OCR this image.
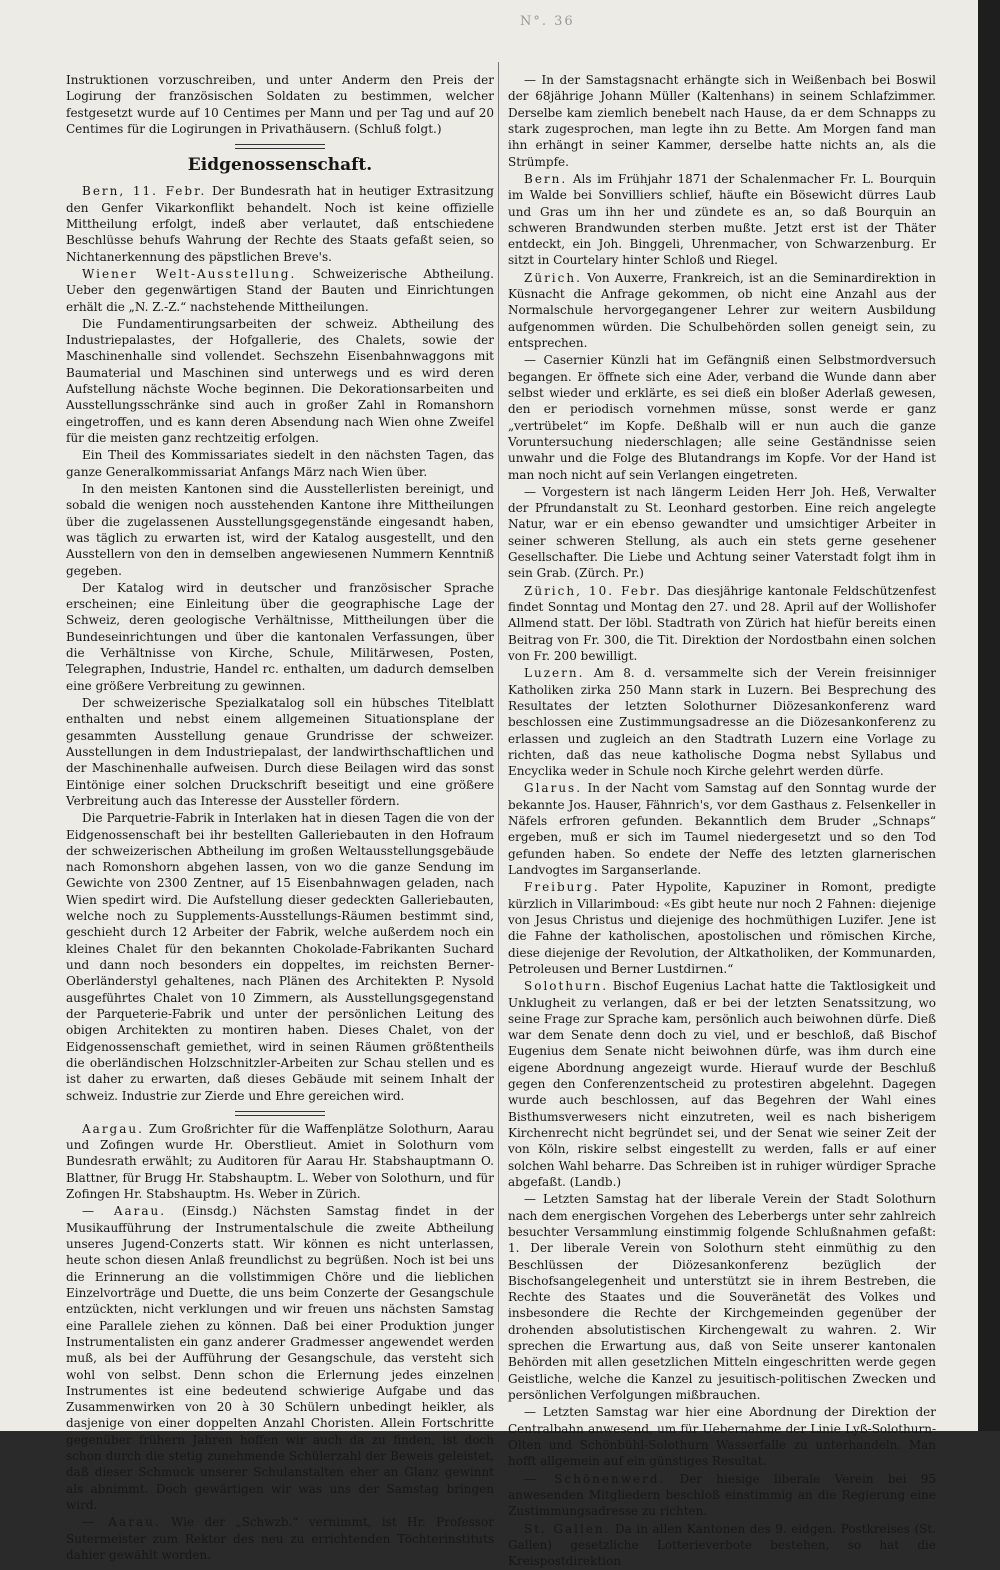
N°. 36

Instruktionen vorzuschreiben, und unter Anderm den Preis der Logirung der französischen Soldaten zu bestimmen, welcher festgesetzt wurde auf 10 Centimes per Mann und per Tag und auf 20 Centimes für die Logirungen in Privathäusern. (Schluß folgt.)

Eidgenossenschaft.

Bern, 11. Febr. Der Bundesrath hat in heutiger Extrasitzung den Genfer Vikarkonflikt behandelt. Noch ist keine offizielle Mittheilung erfolgt, indeß aber verlautet, daß entschiedene Beschlüsse behufs Wahrung der Rechte des Staats gefaßt seien, so Nichtanerkennung des päpstlichen Breve's.

Wiener Welt-Ausstellung. Schweizerische Abtheilung. Ueber den gegenwärtigen Stand der Bauten und Einrichtungen erhält die „N. Z.-Z.“ nachstehende Mittheilungen.

Die Fundamentirungsarbeiten der schweiz. Abtheilung des Industriepalastes, der Hofgallerie, des Chalets, sowie der Maschinenhalle sind vollendet. Sechszehn Eisenbahnwaggons mit Baumaterial und Maschinen sind unterwegs und es wird deren Aufstellung nächste Woche beginnen. Die Dekorationsarbeiten und Ausstellungsschränke sind auch in großer Zahl in Romanshorn eingetroffen, und es kann deren Absendung nach Wien ohne Zweifel für die meisten ganz rechtzeitig erfolgen.

Ein Theil des Kommissariates siedelt in den nächsten Tagen, das ganze Generalkommissariat Anfangs März nach Wien über.

In den meisten Kantonen sind die Ausstellerlisten bereinigt, und sobald die wenigen noch ausstehenden Kantone ihre Mittheilungen über die zugelassenen Ausstellungsgegenstände eingesandt haben, was täglich zu erwarten ist, wird der Katalog ausgestellt, und den Ausstellern von den in demselben angewiesenen Nummern Kenntniß gegeben.

Der Katalog wird in deutscher und französischer Sprache erscheinen; eine Einleitung über die geographische Lage der Schweiz, deren geologische Verhältnisse, Mittheilungen über die Bundeseinrichtungen und über die kantonalen Verfassungen, über die Verhältnisse von Kirche, Schule, Militärwesen, Posten, Telegraphen, Industrie, Handel rc. enthalten, um dadurch demselben eine größere Verbreitung zu gewinnen.

Der schweizerische Spezialkatalog soll ein hübsches Titelblatt enthalten und nebst einem allgemeinen Situationsplane der gesammten Ausstellung genaue Grundrisse der schweizer. Ausstellungen in dem Industriepalast, der landwirthschaftlichen und der Maschinenhalle aufweisen. Durch diese Beilagen wird das sonst Eintönige einer solchen Druckschrift beseitigt und eine größere Verbreitung auch das Interesse der Aussteller fördern.

Die Parquetrie-Fabrik in Interlaken hat in diesen Tagen die von der Eidgenossenschaft bei ihr bestellten Galleriebauten in den Hofraum der schweizerischen Abtheilung im großen Weltausstellungsgebäude nach Romonshorn abgehen lassen, von wo die ganze Sendung im Gewichte von 2300 Zentner, auf 15 Eisenbahnwagen geladen, nach Wien spedirt wird. Die Aufstellung dieser gedeckten Galleriebauten, welche noch zu Supplements-Ausstellungs-Räumen bestimmt sind, geschieht durch 12 Arbeiter der Fabrik, welche außerdem noch ein kleines Chalet für den bekannten Chokolade-Fabrikanten Suchard und dann noch besonders ein doppeltes, im reichsten Berner-Oberländerstyl gehaltenes, nach Plänen des Architekten P. Nysold ausgeführtes Chalet von 10 Zimmern, als Ausstellungsgegenstand der Parqueterie-Fabrik und unter der persönlichen Leitung des obigen Architekten zu montiren haben. Dieses Chalet, von der Eidgenossenschaft gemiethet, wird in seinen Räumen größtentheils die oberländischen Holzschnitzler-Arbeiten zur Schau stellen und es ist daher zu erwarten, daß dieses Gebäude mit seinem Inhalt der schweiz. Industrie zur Zierde und Ehre gereichen wird.

Aargau. Zum Großrichter für die Waffenplätze Solothurn, Aarau und Zofingen wurde Hr. Oberstlieut. Amiet in Solothurn vom Bundesrath erwählt; zu Auditoren für Aarau Hr. Stabshauptmann O. Blattner, für Brugg Hr. Stabshauptm. L. Weber von Solothurn, und für Zofingen Hr. Stabshauptm. Hs. Weber in Zürich.

— Aarau. (Einsdg.) Nächsten Samstag findet in der Musikaufführung der Instrumentalschule die zweite Abtheilung unseres Jugend-Conzerts statt. Wir können es nicht unterlassen, heute schon diesen Anlaß freundlichst zu begrüßen. Noch ist bei uns die Erinnerung an die vollstimmigen Chöre und die lieblichen Einzelvorträge und Duette, die uns beim Conzerte der Gesangschule entzückten, nicht verklungen und wir freuen uns nächsten Samstag eine Parallele ziehen zu können. Daß bei einer Produktion junger Instrumentalisten ein ganz anderer Gradmesser angewendet werden muß, als bei der Aufführung der Gesangschule, das versteht sich wohl von selbst. Denn schon die Erlernung jedes einzelnen Instrumentes ist eine bedeutend schwierige Aufgabe und das Zusammenwirken von 20 à 30 Schülern unbedingt heikler, als dasjenige von einer doppelten Anzahl Choristen. Allein Fortschritte gegenüber frühern Jahren hoffen wir auch da zu finden, ist doch schon durch die stetig zunehmende Schülerzahl der Beweis geleistet, daß dieser Schmuck unserer Schulanstalten eher an Glanz gewinnt als abnimmt. Doch gewärtigen wir was uns der Samstag bringen wird.

— Aarau. Wie der „Schwzb.“ vernimmt, ist Hr. Professor Sutermeister zum Rektor des neu zu errichtenden Töchterinstituts dahier gewählt worden.

— In der Samstagsnacht erhängte sich in Weißenbach bei Boswil der 68jährige Johann Müller (Kaltenhans) in seinem Schlafzimmer. Derselbe kam ziemlich benebelt nach Hause, da er dem Schnapps zu stark zugesprochen, man legte ihn zu Bette. Am Morgen fand man ihn erhängt in seiner Kammer, derselbe hatte nichts an, als die Strümpfe.

Bern. Als im Frühjahr 1871 der Schalenmacher Fr. L. Bourquin im Walde bei Sonvilliers schlief, häufte ein Bösewicht dürres Laub und Gras um ihn her und zündete es an, so daß Bourquin an schweren Brandwunden sterben mußte. Jetzt erst ist der Thäter entdeckt, ein Joh. Binggeli, Uhrenmacher, von Schwarzenburg. Er sitzt in Courtelary hinter Schloß und Riegel.

Zürich. Von Auxerre, Frankreich, ist an die Seminardirektion in Küsnacht die Anfrage gekommen, ob nicht eine Anzahl aus der Normalschule hervorgegangener Lehrer zur weitern Ausbildung aufgenommen würden. Die Schulbehörden sollen geneigt sein, zu entsprechen.

— Casernier Künzli hat im Gefängniß einen Selbstmordversuch begangen. Er öffnete sich eine Ader, verband die Wunde dann aber selbst wieder und erklärte, es sei dieß ein bloßer Aderlaß gewesen, den er periodisch vornehmen müsse, sonst werde er ganz „vertrübelet“ im Kopfe. Deßhalb will er nun auch die ganze Voruntersuchung niederschlagen; alle seine Geständnisse seien unwahr und die Folge des Blutandrangs im Kopfe. Vor der Hand ist man noch nicht auf sein Verlangen eingetreten.

— Vorgestern ist nach längerm Leiden Herr Joh. Heß, Verwalter der Pfrundanstalt zu St. Leonhard gestorben. Eine reich angelegte Natur, war er ein ebenso gewandter und umsichtiger Arbeiter in seiner schweren Stellung, als auch ein stets gerne gesehener Gesellschafter. Die Liebe und Achtung seiner Vaterstadt folgt ihm in sein Grab. (Zürch. Pr.)

Zürich, 10. Febr. Das diesjährige kantonale Feldschützenfest findet Sonntag und Montag den 27. und 28. April auf der Wollishofer Allmend statt. Der löbl. Stadtrath von Zürich hat hiefür bereits einen Beitrag von Fr. 300, die Tit. Direktion der Nordostbahn einen solchen von Fr. 200 bewilligt.

Luzern. Am 8. d. versammelte sich der Verein freisinniger Katholiken zirka 250 Mann stark in Luzern. Bei Besprechung des Resultates der letzten Solothurner Diözesankonferenz ward beschlossen eine Zustimmungsadresse an die Diözesankonferenz zu erlassen und zugleich an den Stadtrath Luzern eine Vorlage zu richten, daß das neue katholische Dogma nebst Syllabus und Encyclika weder in Schule noch Kirche gelehrt werden dürfe.

Glarus. In der Nacht vom Samstag auf den Sonntag wurde der bekannte Jos. Hauser, Fähnrich's, vor dem Gasthaus z. Felsenkeller in Näfels erfroren gefunden. Bekanntlich dem Bruder „Schnaps“ ergeben, muß er sich im Taumel niedergesetzt und so den Tod gefunden haben. So endete der Neffe des letzten glarnerischen Landvogtes im Sarganserlande.

Freiburg. Pater Hypolite, Kapuziner in Romont, predigte kürzlich in Villarimboud: «Es gibt heute nur noch 2 Fahnen: diejenige von Jesus Christus und diejenige des hochmüthigen Luzifer. Jene ist die Fahne der katholischen, apostolischen und römischen Kirche, diese diejenige der Revolution, der Altkatholiken, der Kommunarden, Petroleusen und Berner Lustdirnen.“

Solothurn. Bischof Eugenius Lachat hatte die Taktlosigkeit und Unklugheit zu verlangen, daß er bei der letzten Senatssitzung, wo seine Frage zur Sprache kam, persönlich auch beiwohnen dürfe. Dieß war dem Senate denn doch zu viel, und er beschloß, daß Bischof Eugenius dem Senate nicht beiwohnen dürfe, was ihm durch eine eigene Abordnung angezeigt wurde. Hierauf wurde der Beschluß gegen den Conferenzentscheid zu protestiren abgelehnt. Dagegen wurde auch beschlossen, auf das Begehren der Wahl eines Bisthumsverwesers nicht einzutreten, weil es nach bisherigem Kirchenrecht nicht begründet sei, und der Senat wie seiner Zeit der von Köln, riskire selbst eingestellt zu werden, falls er auf einer solchen Wahl beharre. Das Schreiben ist in ruhiger würdiger Sprache abgefaßt. (Landb.)

— Letzten Samstag hat der liberale Verein der Stadt Solothurn nach dem energischen Vorgehen des Leberbergs unter sehr zahlreich besuchter Versammlung einstimmig folgende Schlußnahmen gefaßt: 1. Der liberale Verein von Solothurn steht einmüthig zu den Beschlüssen der Diözesankonferenz bezüglich der Bischofsangelegenheit und unterstützt sie in ihrem Bestreben, die Rechte des Staates und die Souveränetät des Volkes und insbesondere die Rechte der Kirchgemeinden gegenüber der drohenden absolutistischen Kirchengewalt zu wahren. 2. Wir sprechen die Erwartung aus, daß von Seite unserer kantonalen Behörden mit allen gesetzlichen Mitteln eingeschritten werde gegen Geistliche, welche die Kanzel zu jesuitisch-politischen Zwecken und persönlichen Verfolgungen mißbrauchen.

— Letzten Samstag war hier eine Abordnung der Direktion der Centralbahn anwesend, um für Uebernahme der Linie Lyß-Solothurn-Olten und Schönbühl-Solothurn Wasserfalle zu unterhandeln. Man hofft allgemein auf ein günstiges Resultat.

— Schönenwerd. Der hiesige liberale Verein bei 95 anwesenden Mitgliedern beschloß einstimmig an die Regierung eine Zustimmungsadresse zu richten.

St. Gallen. Da in allen Kantonen des 9. eidgen. Postkreises (St. Gallen) gesetzliche Lotterieverbote bestehen, so hat die Kreispostdirektion
